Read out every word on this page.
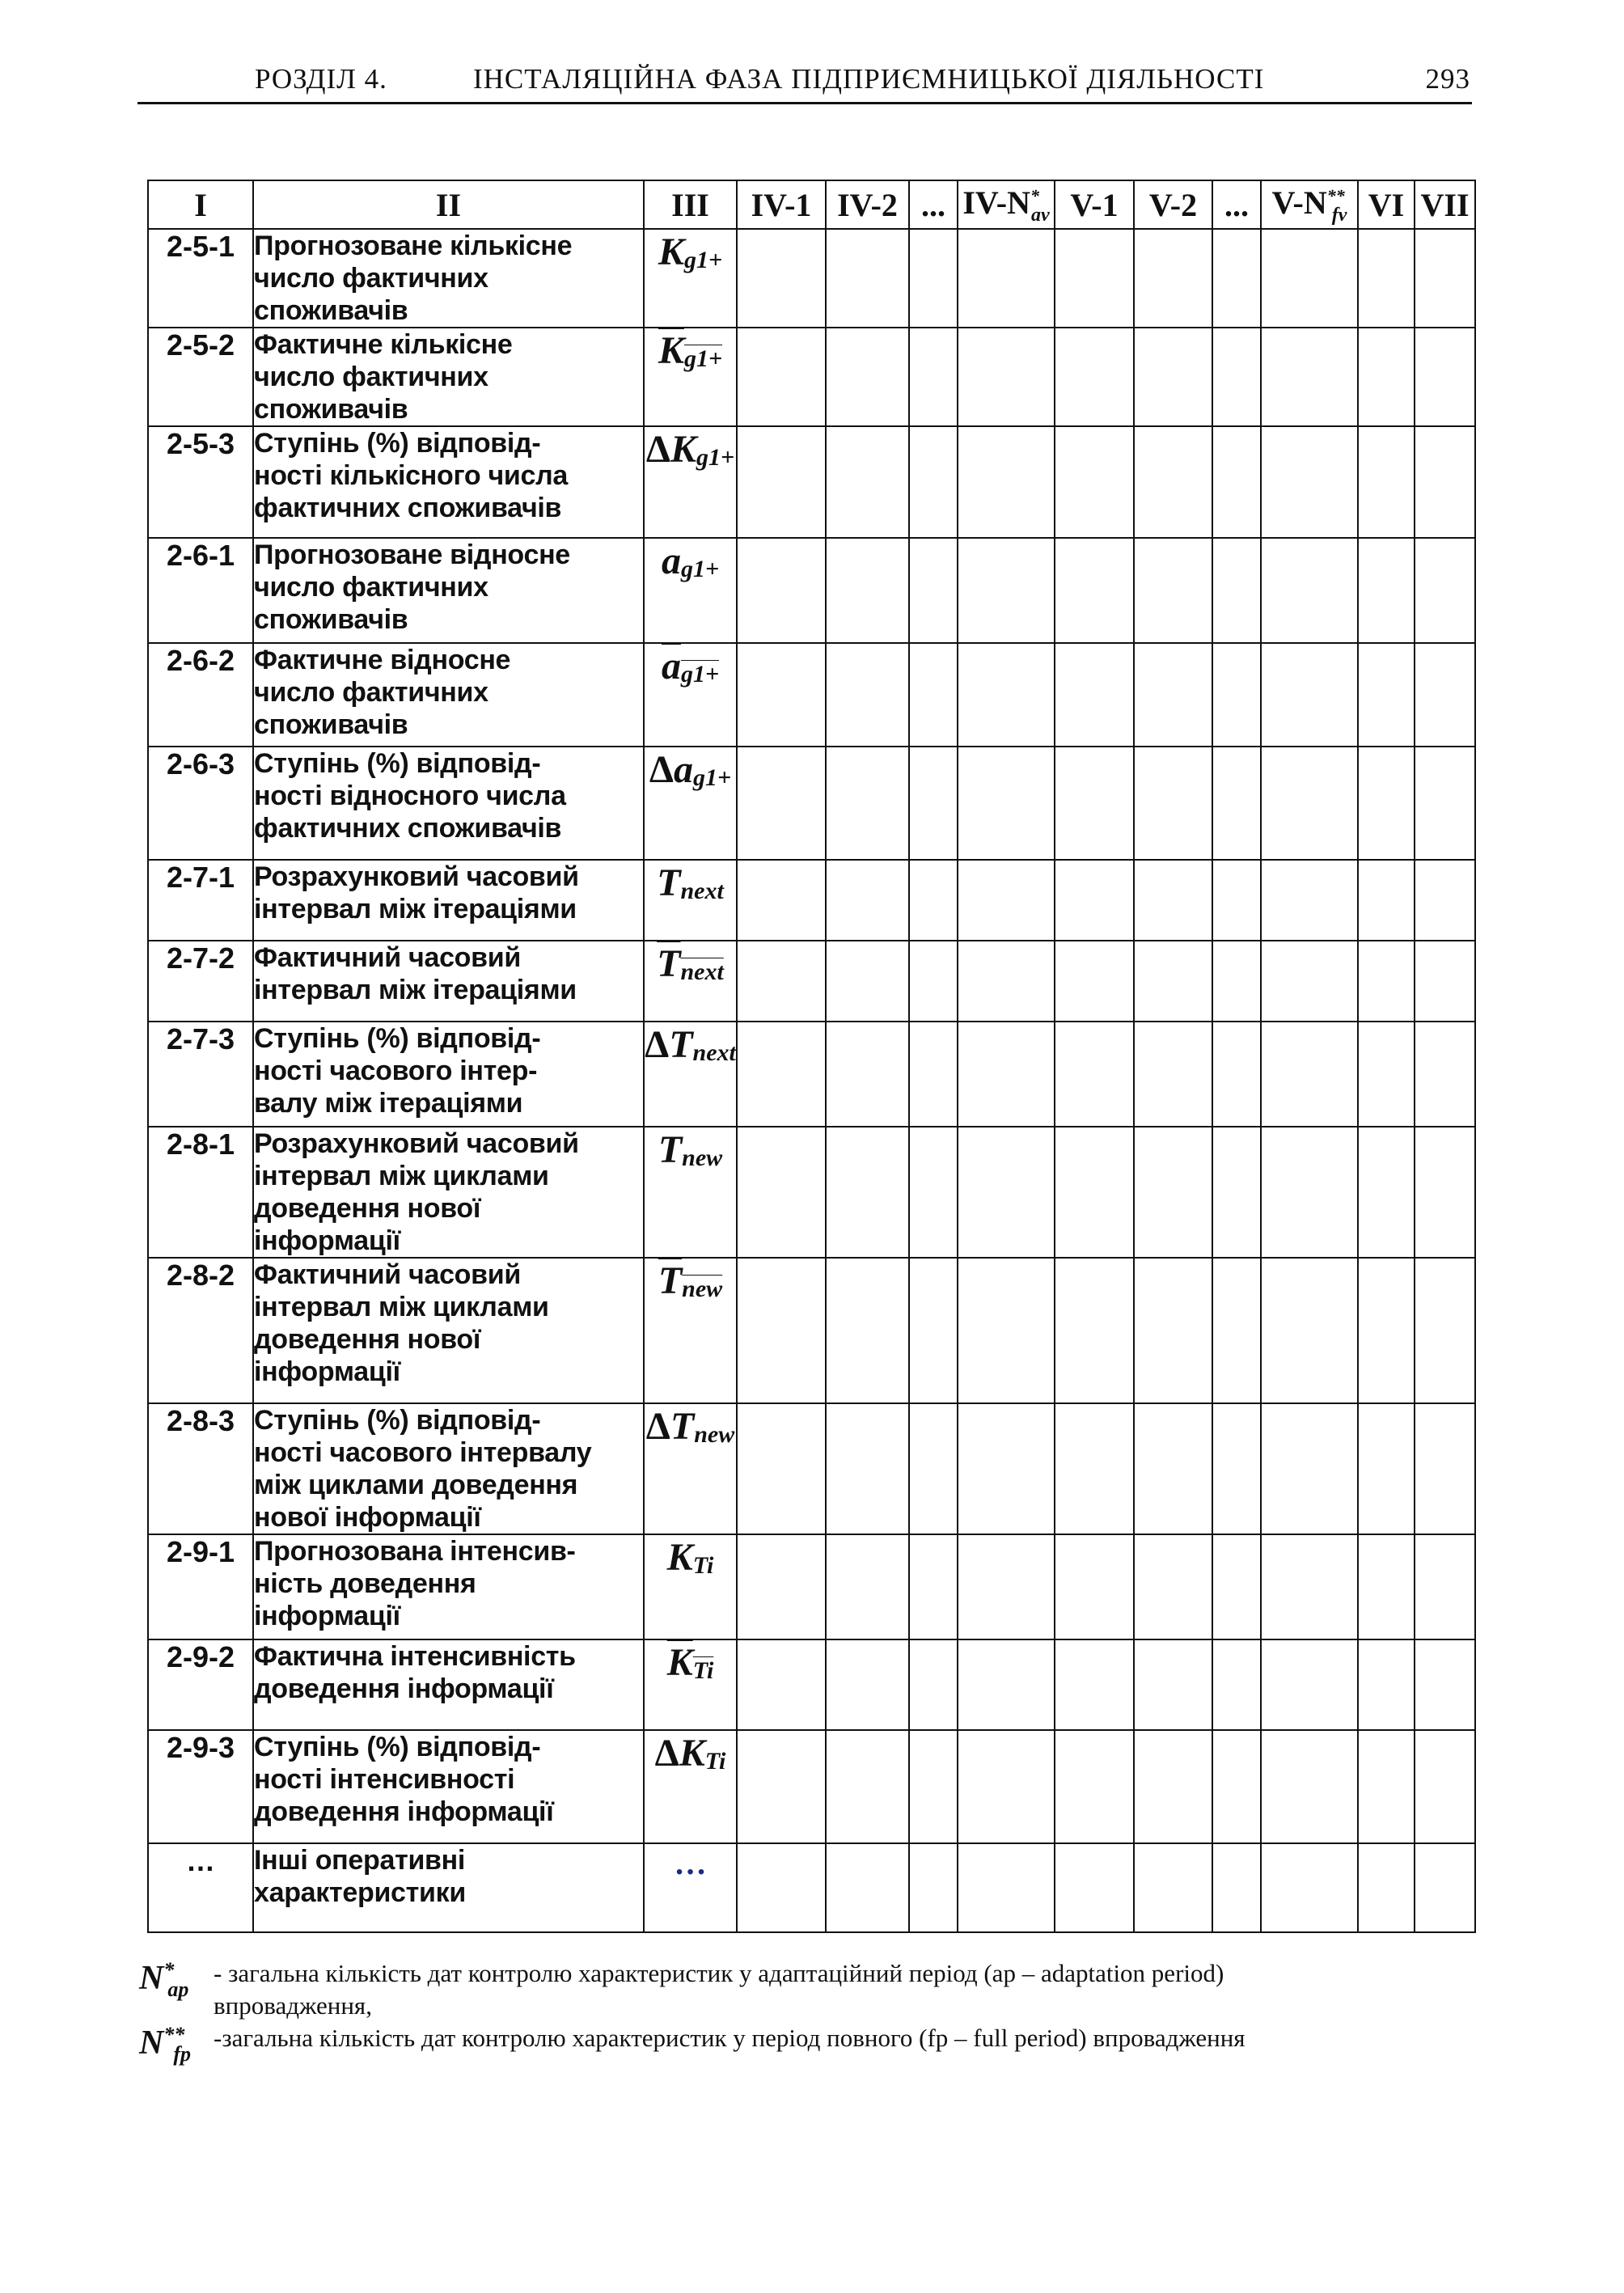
РОЗДІЛ 4.	ІНСТАЛЯЦІЙНА ФАЗА ПІДПРИЄМНИЦЬКОЇ ДІЯЛЬНОСТІ	293
I	II	III	IV-1	IV-2	...	$IV-N^*_{av}$	V-1	V-2	...	$V-N^{**}_{fv}$	VI	VII
2-5-1	Прогнозоване кількісне
число фактичних
споживачів	$K_{g1+}$										
2-5-2	Фактичне кількісне
число фактичних
споживачів	$K_{g1+}$										
2-5-3	Ступінь (%) відповід-
ності кількісного числа
фактичних споживачів	$\Delta K_{g1+}$										
2-6-1	Прогнозоване відносне
число фактичних
споживачів	$a_{g1+}$										
2-6-2	Фактичне відносне
число фактичних
споживачів	$a_{g1+}$										
2-6-3	Ступінь (%) відповід-
ності відносного числа
фактичних споживачів	$\Delta a_{g1+}$										
2-7-1	Розрахунковий часовий
інтервал між ітераціями	$T_{next}$										
2-7-2	Фактичний часовий
інтервал між ітераціями	$T_{next}$										
2-7-3	Ступінь (%) відповід-
ності часового інтер-
валу між ітераціями	$\Delta T_{next}$										
2-8-1	Розрахунковий часовий
інтервал між циклами
доведення нової
інформації	$T_{new}$										
2-8-2	Фактичний часовий
інтервал між циклами
доведення нової
інформації	$T_{new}$										
2-8-3	Ступінь (%) відповід-
ності часового інтервалу
між циклами доведення
нової інформації	$\Delta T_{new}$										
2-9-1	Прогнозована інтенсив-
ність доведення
інформації	$K_{Ti}$										
2-9-2	Фактична інтенсивність
доведення інформації	$K_{Ti}$										
2-9-3	Ступінь (%) відповід-
ності інтенсивності
доведення інформації	$\Delta K_{Ti}$										
…	Інші оперативні
характеристики	…										
$N^*_{ap}$
- загальна кількість дат контролю характеристик у адаптаційний період (ap – adaptation period)
впровадження,
$N^{**}_{fp}$
-загальна кількість дат контролю характеристик у період повного (fp – full period) впровадження
